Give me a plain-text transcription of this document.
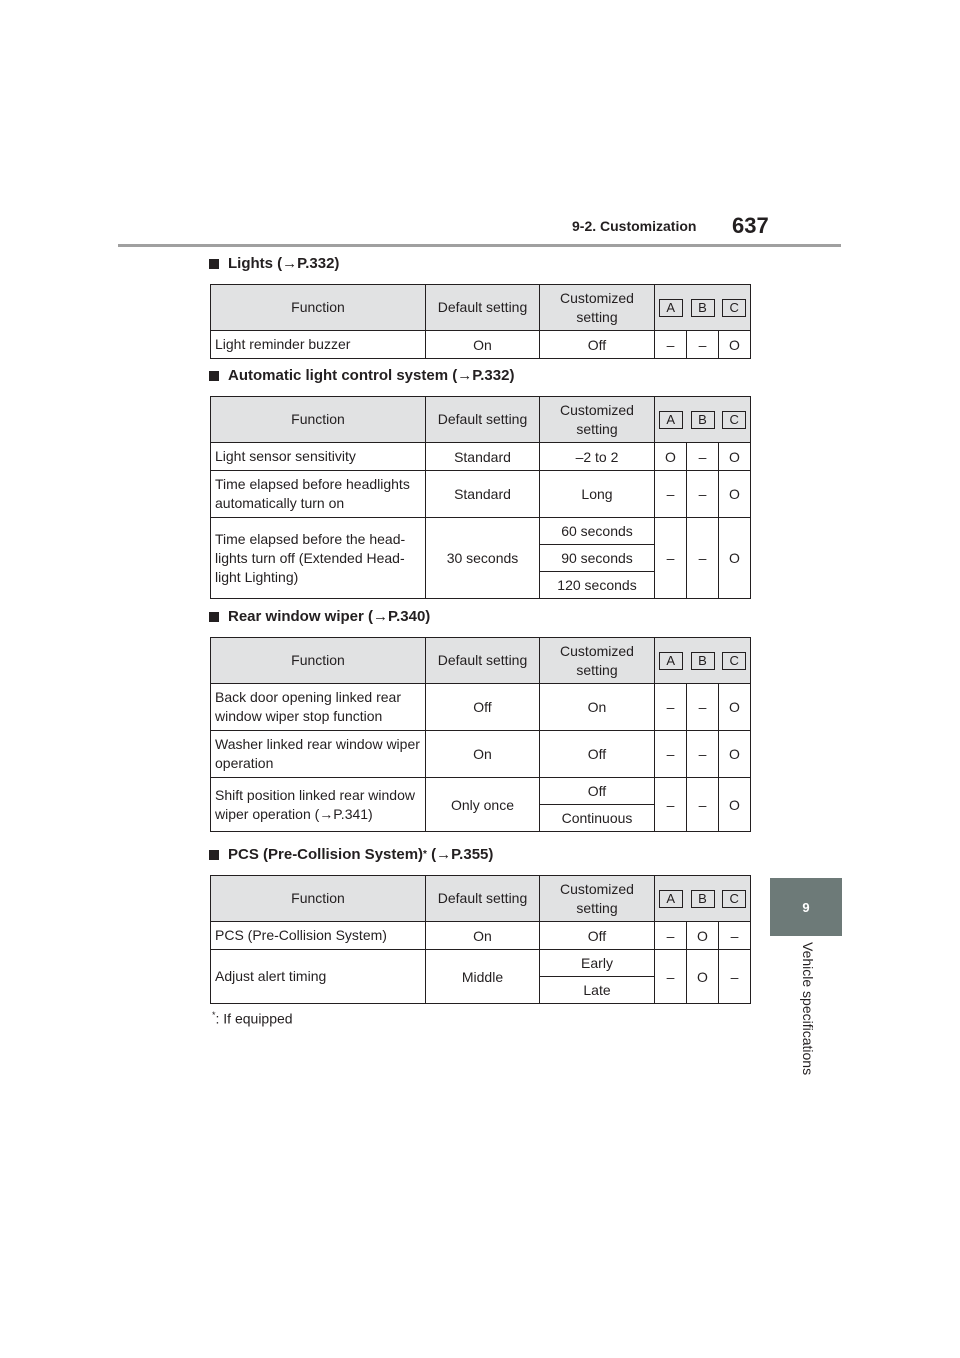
9-2. Customization 637
9
Vehicle specifications
Lights (→P.332)
Function	Default setting	Customized setting	A	B	C
Light reminder buzzer	On	Off	–	–	O
Automatic light control system (→P.332)
Function	Default setting	Customized setting	A	B	C
Light sensor sensitivity	Standard	–2 to 2	O	–	O
Time elapsed before headlights automatically turn on	Standard	Long	–	–	O
Time elapsed before the head-lights turn off (Extended Head-light Lighting)	30 seconds	60 seconds	–	–	O
		90 seconds			
		120 seconds			
Rear window wiper (→P.340)
Function	Default setting	Customized setting	A	B	C
Back door opening linked rear window wiper stop function	Off	On	–	–	O
Washer linked rear window wiper operation	On	Off	–	–	O
Shift position linked rear window wiper operation (→P.341)	Only once	Off	–	–	O
		Continuous			
PCS (Pre-Collision System) * (→P.355)
Function	Default setting	Customized setting	A	B	C
PCS (Pre-Collision System)	On	Off	–	O	–
Adjust alert timing	Middle	Early	–	O	–
		Late			
*: If equipped
